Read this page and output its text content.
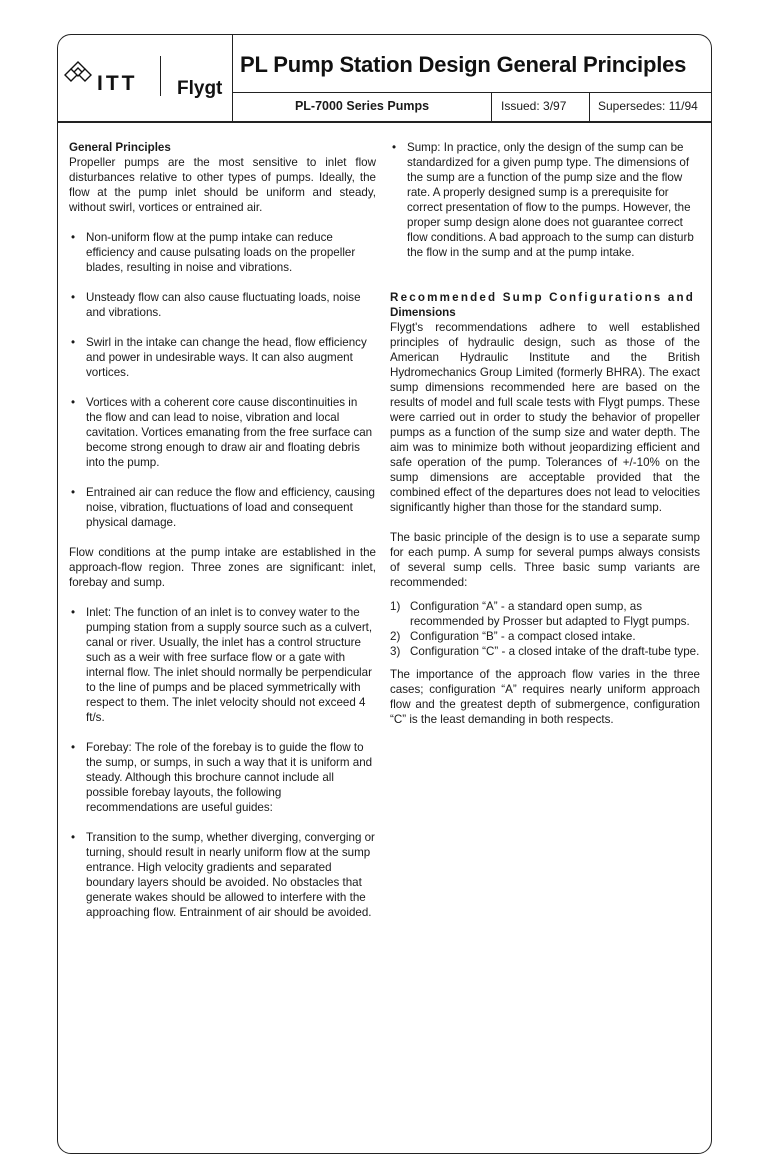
ITT Flygt
PL Pump Station Design General Principles
PL-7000 Series Pumps	Issued: 3/97	Supersedes: 11/94

General Principles

Propeller pumps are the most sensitive to inlet flow disturbances relative to other types of pumps. Ideally, the flow at the pump inlet should be uniform and steady, without swirl, vortices or entrained air.

• Non-uniform flow at the pump intake can reduce efficiency and cause pulsating loads on the propeller blades, resulting in noise and vibrations.
• Unsteady flow can also cause fluctuating loads, noise and vibrations.
• Swirl in the intake can change the head, flow efficiency and power in undesirable ways. It can also augment vortices.
• Vortices with a coherent core cause discontinuities in the flow and can lead to noise, vibration and local cavitation. Vortices emanating from the free surface can become strong enough to draw air and floating debris into the pump.
• Entrained air can reduce the flow and efficiency, causing noise, vibration, fluctuations of load and consequent physical damage.

Flow conditions at the pump intake are established in the approach-flow region. Three zones are significant: inlet, forebay and sump.

• Inlet: The function of an inlet is to convey water to the pumping station from a supply source such as a culvert, canal or river. Usually, the inlet has a control structure such as a weir with free surface flow or a gate with internal flow. The inlet should normally be perpendicular to the line of pumps and be placed symmetrically with respect to them. The inlet velocity should not exceed 4 ft/s.
• Forebay: The role of the forebay is to guide the flow to the sump, or sumps, in such a way that it is uniform and steady. Although this brochure cannot include all possible forebay layouts, the following recommendations are useful guides:
• Transition to the sump, whether diverging, converging or turning, should result in nearly uniform flow at the sump entrance. High velocity gradients and separated boundary layers should be avoided. No obstacles that generate wakes should be allowed to interfere with the approaching flow. Entrainment of air should be avoided.
• Sump: In practice, only the design of the sump can be standardized for a given pump type. The dimensions of the sump are a function of the pump size and the flow rate. A properly designed sump is a prerequisite for correct presentation of flow to the pumps. However, the proper sump design alone does not guarantee correct flow conditions. A bad approach to the sump can disturb the flow in the sump and at the pump intake.

Recommended Sump Configurations and

Dimensions

Flygt's recommendations adhere to well established principles of hydraulic design, such as those of the American Hydraulic Institute and the British Hydromechanics Group Limited (formerly BHRA). The exact sump dimensions recommended here are based on the results of model and full scale tests with Flygt pumps. These were carried out in order to study the behavior of propeller pumps as a function of the sump size and water depth. The aim was to minimize both without jeopardizing efficient and safe operation of the pump. Tolerances of +/-10% on the sump dimensions are acceptable provided that the combined effect of the departures does not lead to velocities significantly higher than those for the standard sump.

The basic principle of the design is to use a separate sump for each pump. A sump for several pumps always consists of several sump cells. Three basic sump variants are recommended:

1) Configuration “A” - a standard open sump, as recommended by Prosser but adapted to Flygt pumps.
2) Configuration “B” - a compact closed intake.
3) Configuration “C” - a closed intake of the draft-tube type.

The importance of the approach flow varies in the three cases; configuration “A” requires nearly uniform approach flow and the greatest depth of submergence, configuration “C” is the least demanding in both respects.
